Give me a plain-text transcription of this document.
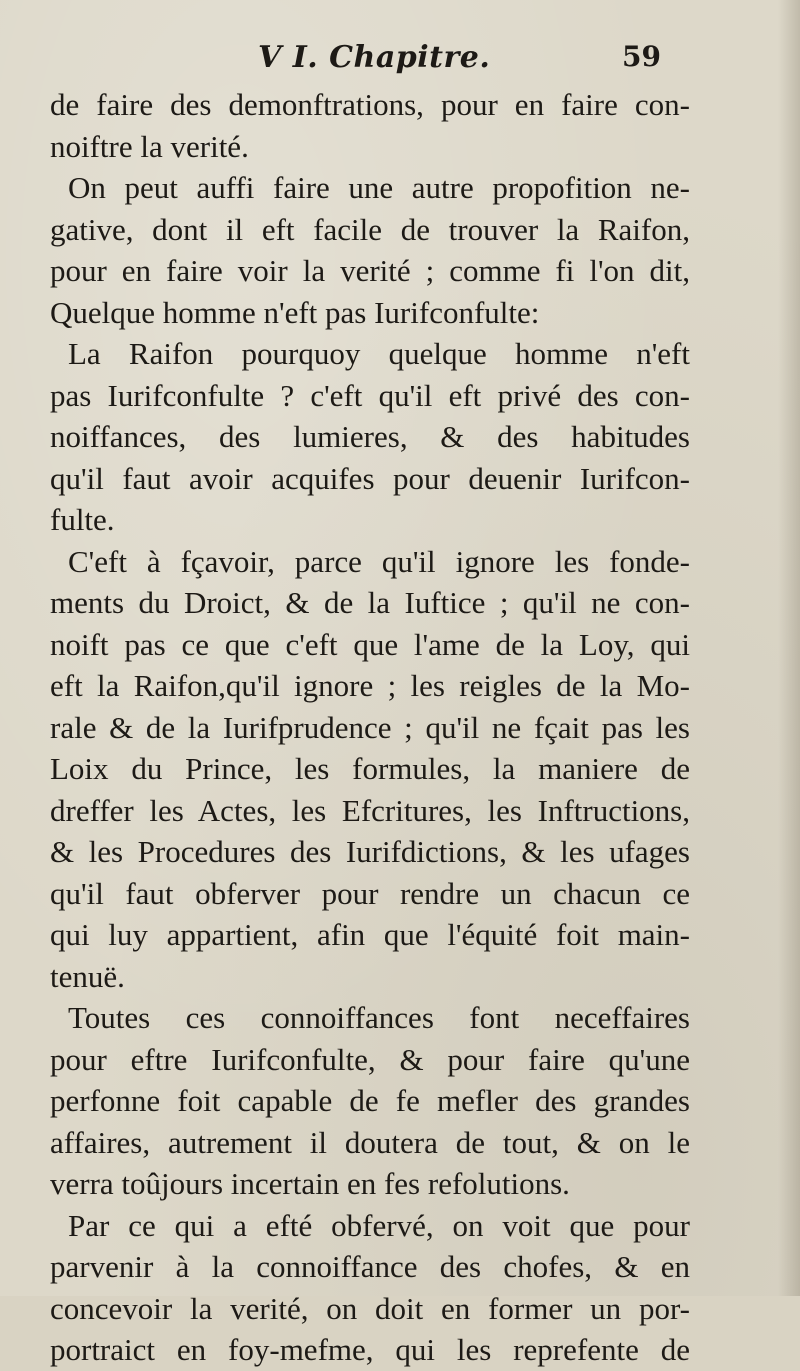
V I. Chapitre.	59
de faire des demonftrations, pour en faire con-
noiftre la verité.
On peut auffi faire une autre propofition ne-
gative, dont il eft facile de trouver la Raifon,
pour en faire voir la verité ; comme fi l'on dit,
Quelque homme n'eft pas Iurifconfulte:
La Raifon pourquoy quelque homme n'eft
pas Iurifconfulte ? c'eft qu'il eft privé des con-
noiffances, des lumieres, & des habitudes
qu'il faut avoir acquifes pour deuenir Iurifcon-
fulte.
C'eft à fçavoir, parce qu'il ignore les fonde-
ments du Droict, & de la Iuftice ; qu'il ne con-
noift pas ce que c'eft que l'ame de la Loy, qui
eft la Raifon,qu'il ignore ; les reigles de la Mo-
rale & de la Iurifprudence ; qu'il ne fçait pas les
Loix du Prince, les formules, la maniere de
dreffer les Actes, les Efcritures, les Inftructions,
& les Procedures des Iurifdictions, & les ufages
qu'il faut obferver pour rendre un chacun ce
qui luy appartient, afin que l'équité foit main-
tenuë.
Toutes ces connoiffances font neceffaires
pour eftre Iurifconfulte, & pour faire qu'une
perfonne foit capable de fe mefler des grandes
affaires, autrement il doutera de tout, & on le
verra toûjours incertain en fes refolutions.
Par ce qui a efté obfervé, on voit que pour
parvenir à la connoiffance des chofes, & en
concevoir la verité, on doit en former un por-
portraict en foy-mefme, qui les reprefente de
